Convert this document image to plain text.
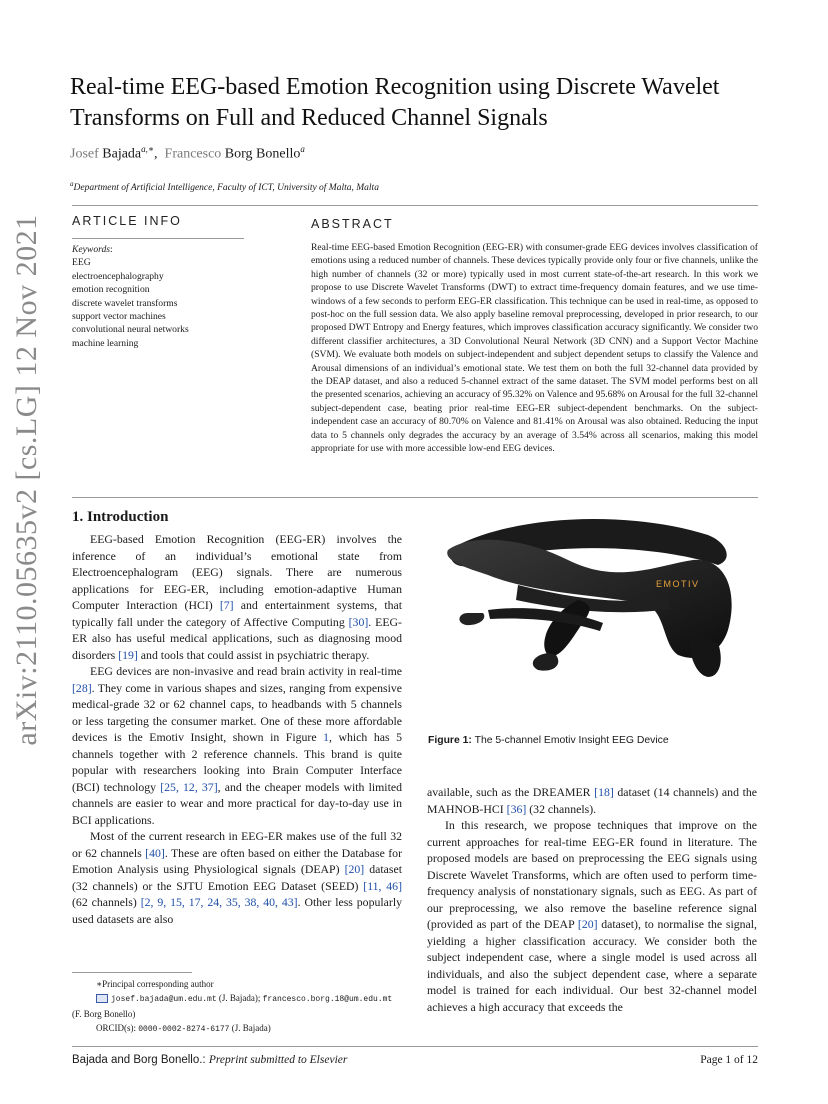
arXiv:2110.05635v2 [cs.LG] 12 Nov 2021
Real-time EEG-based Emotion Recognition using Discrete Wavelet Transforms on Full and Reduced Channel Signals
Josef Bajada$^{a,∗}$,  Francesco Borg Bonello$^a$
$^a$Department of Artificial Intelligence, Faculty of ICT, University of Malta, Malta
ARTICLE INFO
Keywords:
EEG
electroencephalography
emotion recognition
discrete wavelet transforms
support vector machines
convolutional neural networks
machine learning
ABSTRACT
Real-time EEG-based Emotion Recognition (EEG-ER) with consumer-grade EEG devices involves classification of emotions using a reduced number of channels. These devices typically provide only four or five channels, unlike the high number of channels (32 or more) typically used in most current state-of-the-art research. In this work we propose to use Discrete Wavelet Transforms (DWT) to extract time-frequency domain features, and we use time-windows of a few seconds to perform EEG-ER classification. This technique can be used in real-time, as opposed to post-hoc on the full session data. We also apply baseline removal preprocessing, developed in prior research, to our proposed DWT Entropy and Energy features, which improves classification accuracy significantly. We consider two different classifier architectures, a 3D Convolutional Neural Network (3D CNN) and a Support Vector Machine (SVM). We evaluate both models on subject-independent and subject dependent setups to classify the Valence and Arousal dimensions of an individual’s emotional state. We test them on both the full 32-channel data provided by the DEAP dataset, and also a reduced 5-channel extract of the same dataset. The SVM model performs best on all the presented scenarios, achieving an accuracy of 95.32% on Valence and 95.68% on Arousal for the full 32-channel subject-dependent case, beating prior real-time EEG-ER subject-dependent benchmarks. On the subject-independent case an accuracy of 80.70% on Valence and 81.41% on Arousal was also obtained. Reducing the input data to 5 channels only degrades the accuracy by an average of 3.54% across all scenarios, making this model appropriate for use with more accessible low-end EEG devices.
1. Introduction

EEG-based Emotion Recognition (EEG-ER) involves the inference of an individual’s emotional state from Electroencephalogram (EEG) signals. There are numerous applications for EEG-ER, including emotion-adaptive Human Computer Interaction (HCI) [7] and entertainment systems, that typically fall under the category of Affective Computing [30]. EEG-ER also has useful medical applications, such as diagnosing mood disorders [19] and tools that could assist in psychiatric therapy.

EEG devices are non-invasive and read brain activity in real-time [28]. They come in various shapes and sizes, ranging from expensive medical-grade 32 or 62 channel caps, to headbands with 5 channels or less targeting the consumer market. One of these more affordable devices is the Emotiv Insight, shown in Figure 1, which has 5 channels together with 2 reference channels. This brand is quite popular with researchers looking into Brain Computer Interface (BCI) technology [25, 12, 37], and the cheaper models with limited channels are easier to wear and more practical for day-to-day use in BCI applications.

Most of the current research in EEG-ER makes use of the full 32 or 62 channels [40]. These are often based on either the Database for Emotion Analysis using Physiological signals (DEAP) [20] dataset (32 channels) or the SJTU Emotion EEG Dataset (SEED) [11, 46] (62 channels) [2, 9, 15, 17, 24, 35, 38, 40, 43]. Other less popularly used datasets are also

∗Principal corresponding author
josef.bajada@um.edu.mt (J. Bajada); francesco.borg.18@um.edu.mt
(F. Borg Bonello)
ORCID(s): 0000-0002-8274-6177 (J. Bajada)
EMOTIV
Figure 1: The 5-channel Emotiv Insight EEG Device

available, such as the DREAMER [18] dataset (14 channels) and the MAHNOB-HCI [36] (32 channels).

In this research, we propose techniques that improve on the current approaches for real-time EEG-ER found in literature. The proposed models are based on preprocessing the EEG signals using Discrete Wavelet Transforms, which are often used to perform time-frequency analysis of nonstationary signals, such as EEG. As part of our preprocessing, we also remove the baseline reference signal (provided as part of the DEAP [20] dataset), to normalise the signal, yielding a higher classification accuracy. We consider both the subject independent case, where a single model is used across all individuals, and also the subject dependent case, where a separate model is trained for each individual. Our best 32-channel model achieves a high accuracy that exceeds the

Bajada and Borg Bonello.: Preprint submitted to Elsevier	Page 1 of 12
